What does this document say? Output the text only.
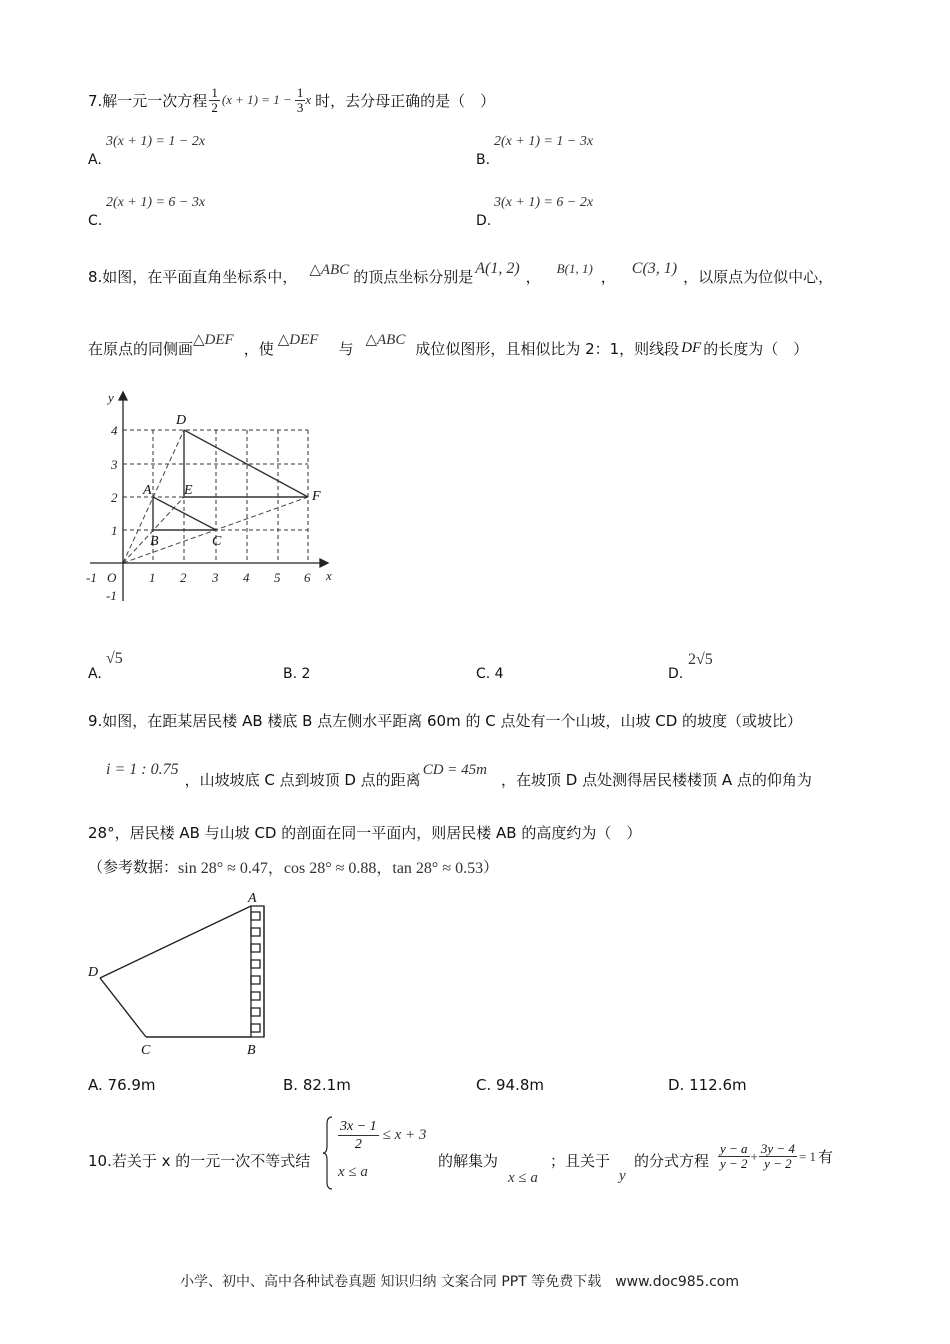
7.解一元一次方程 $\frac{1}{2} (x + 1) = 1 - \frac{1}{3}$ x 时，去分母正确的是（　）
A.
3(x + 1) = 1 − 2x
B.
2(x + 1) = 1 − 3x
C.
2(x + 1) = 6 − 3x
D.
3(x + 1) = 6 − 2x
8.如图，在平面直角坐标系中， △ABC 的顶点坐标分别是 A(1, 2) ， B(1, 1) ， C(3, 1) ，以原点为位似中心，
在原点的同侧画 △DEF ，使 △DEF 与 △ABC 成位似图形，且相似比为 2：1，则线段 DF 的长度为（　）
-1	1 2 3 4 5 6
1
2
3
4
-1
x
y
O
D
A E	F
B	C
A.
√5
B. 2	C. 4	D.
2√5
9.如图，在距某居民楼 AB 楼底 B 点左侧水平距离 60m 的 C 点处有一个山坡，山坡 CD 的坡度（或坡比）
i = 1 : 0.75
，山坡坡底 C 点到坡顶 D 点的距离
CD = 45m
，在坡顶 D 点处测得居民楼楼顶 A 点的仰角为
28°，居民楼 AB 与山坡 CD 的剖面在同一平面内，则居民楼 AB 的高度约为（　）
（参考数据： sin 28° ≈ 0.47，cos 28° ≈ 0.88，tan 28° ≈ 0.53 ）
A
D
C	B
A. 76.9m	B. 82.1m	C. 94.8m	D. 112.6m
10.若关于 x 的一元一次不等式结
$\frac{3x - 1}{2} \le x + 3$
x ≤ a
的解集为
x ≤ a
；且关于
y
的分式方程 $\frac{y - a}{y - 2} + \frac{3y - 4}{y - 2} = 1$ 有
小学、初中、高中各种试卷真题 知识归纳 文案合同 PPT 等免费下载　www.doc985.com
